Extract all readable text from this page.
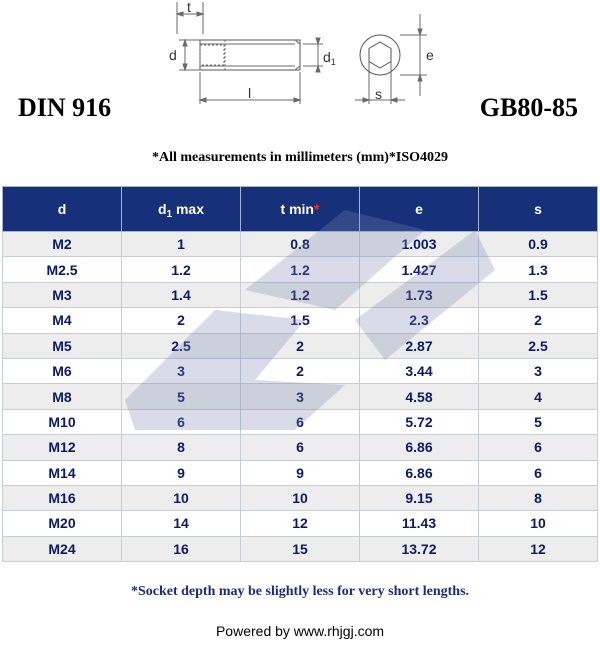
t
d
l
$d_1$	e
s
DIN 916	GB80-85
*All measurements in millimeters (mm)*ISO4029
d	$d_1$ max	t min*	e	s
M2	1	0.8	1.003	0.9
M2.5	1.2	1.2	1.427	1.3
M3	1.4	1.2	1.73	1.5
M4	2	1.5	2.3	2
M5	2.5	2	2.87	2.5
M6	3	2	3.44	3
M8	5	3	4.58	4
M10	6	6	5.72	5
M12	8	6	6.86	6
M14	9	9	6.86	6
M16	10	10	9.15	8
M20	14	12	11.43	10
M24	16	15	13.72	12
*Socket depth may be slightly less for very short lengths.
Powered by www.rhjgj.com
